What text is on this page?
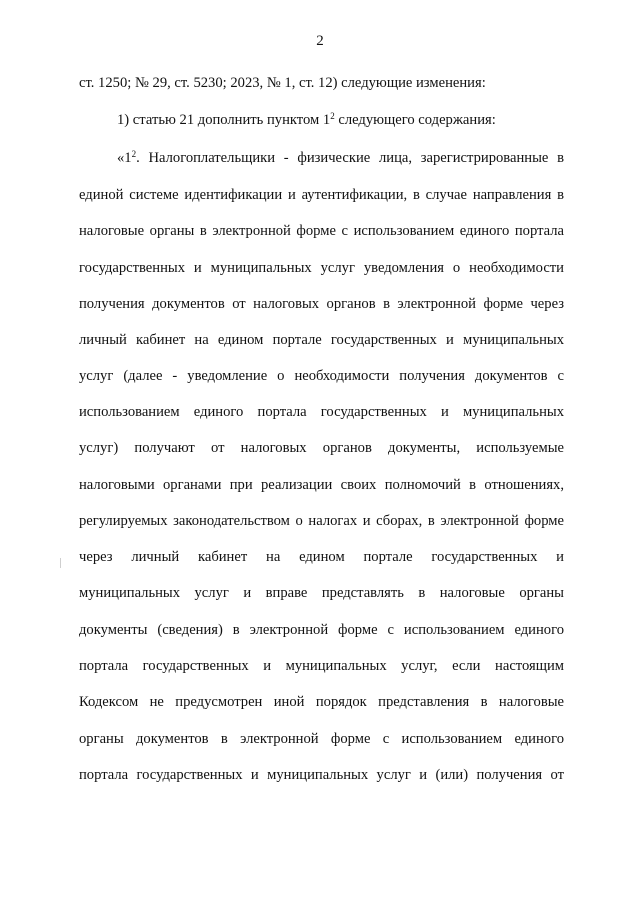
2
ст. 1250; № 29, ст. 5230; 2023, № 1, ст. 12) следующие изменения:
1) статью 21 дополнить пунктом $1^2$ следующего содержания:
«$1^2$. Налогоплательщики - физические лица, зарегистрированные в
единой системе идентификации и аутентификации, в случае направления в
налоговые органы в электронной форме с использованием единого портала
государственных и муниципальных услуг уведомления о необходимости
получения документов от налоговых органов в электронной форме через
личный кабинет на едином портале государственных и муниципальных
услуг (далее - уведомление о необходимости получения документов с
использованием единого портала государственных и муниципальных
услуг) получают от налоговых органов документы, используемые
налоговыми органами при реализации своих полномочий в отношениях,
регулируемых законодательством о налогах и сборах, в электронной форме
через личный кабинет на едином портале государственных и
муниципальных услуг и вправе представлять в налоговые органы
документы (сведения) в электронной форме с использованием единого
портала государственных и муниципальных услуг, если настоящим
Кодексом не предусмотрен иной порядок представления в налоговые
органы документов в электронной форме с использованием единого
портала государственных и муниципальных услуг и (или) получения от
